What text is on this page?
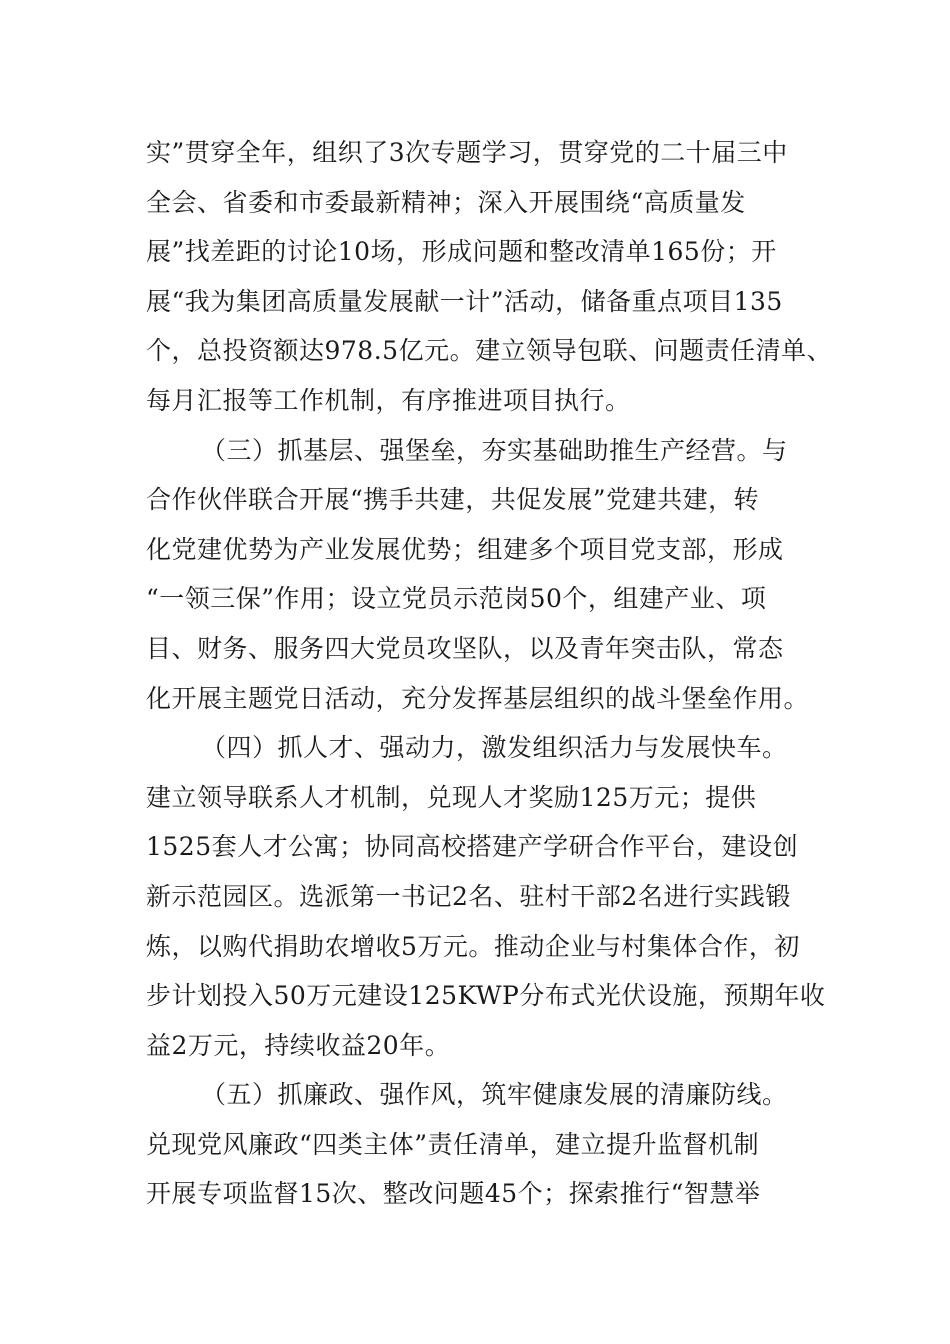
实”贯穿全年，组织了3次专题学习，贯穿党的二十届三中
全会、省委和市委最新精神；深入开展围绕“高质量发
展”找差距的讨论10场，形成问题和整改清单165份；开
展“我为集团高质量发展献一计”活动，储备重点项目135
个，总投资额达978.5亿元。建立领导包联、问题责任清单、
每月汇报等工作机制，有序推进项目执行。
（三）抓基层、强堡垒，夯实基础助推生产经营。与
合作伙伴联合开展“携手共建，共促发展”党建共建，转
化党建优势为产业发展优势；组建多个项目党支部，形成
“一领三保”作用；设立党员示范岗50个，组建产业、项
目、财务、服务四大党员攻坚队，以及青年突击队，常态
化开展主题党日活动，充分发挥基层组织的战斗堡垒作用。
（四）抓人才、强动力，激发组织活力与发展快车。
建立领导联系人才机制，兑现人才奖励125万元；提供
1525套人才公寓；协同高校搭建产学研合作平台，建设创
新示范园区。选派第一书记2名、驻村干部2名进行实践锻
炼，以购代捐助农增收5万元。推动企业与村集体合作，初
步计划投入50万元建设125KWP分布式光伏设施，预期年收
益2万元，持续收益20年。
（五）抓廉政、强作风，筑牢健康发展的清廉防线。
兑现党风廉政“四类主体”责任清单，建立提升监督机制
开展专项监督15次、整改问题45个；探索推行“智慧举
